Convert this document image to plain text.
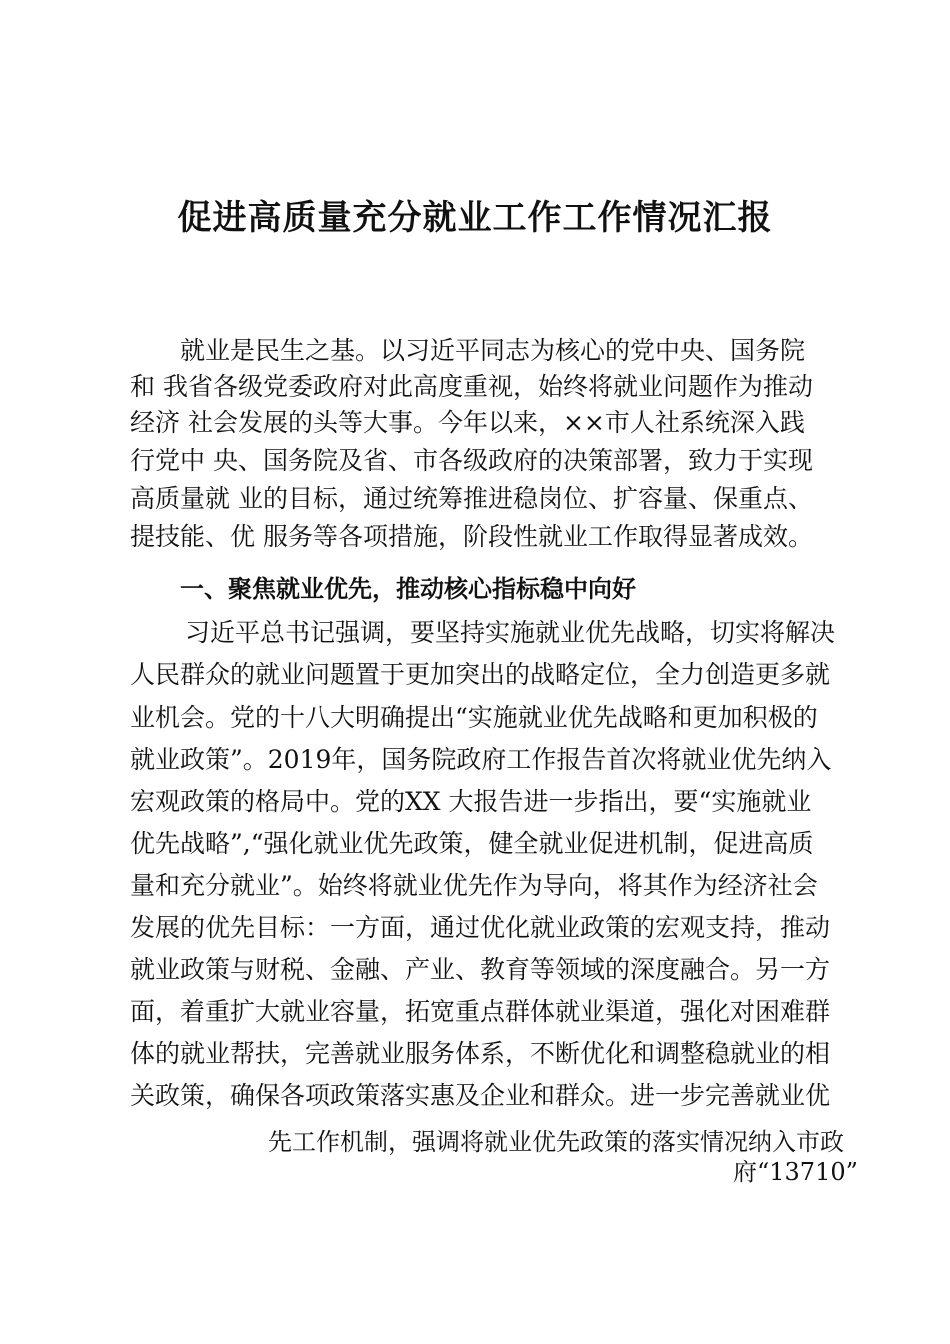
促进高质量充分就业工作工作情况汇报
就业是民生之基。以习近平同志为核心的党中央、国务院
和 我省各级党委政府对此高度重视，始终将就业问题作为推动
经济 社会发展的头等大事。今年以来，××市人社系统深入践
行党中 央、国务院及省、市各级政府的决策部署，致力于实现
高质量就 业的目标，通过统筹推进稳岗位、扩容量、保重点、
提技能、优 服务等各项措施，阶段性就业工作取得显著成效。
一、聚焦就业优先，推动核心指标稳中向好
习近平总书记强调，要坚持实施就业优先战略，切实将解决
人民群众的就业问题置于更加突出的战略定位，全力创造更多就
业机会。党的十八大明确提出“实施就业优先战略和更加积极的
就业政策”。2019年，国务院政府工作报告首次将就业优先纳入
宏观政策的格局中。党的XX 大报告进一步指出，要“实施就业
优先战略”,“强化就业优先政策，健全就业促进机制，促进高质
量和充分就业”。始终将就业优先作为导向，将其作为经济社会
发展的优先目标：一方面，通过优化就业政策的宏观支持，推动
就业政策与财税、金融、产业、教育等领域的深度融合。另一方
面，着重扩大就业容量，拓宽重点群体就业渠道，强化对困难群
体的就业帮扶，完善就业服务体系，不断优化和调整稳就业的相
关政策，确保各项政策落实惠及企业和群众。进一步完善就业优
先工作机制，强调将就业优先政策的落实情况纳入市政
府“13710”
